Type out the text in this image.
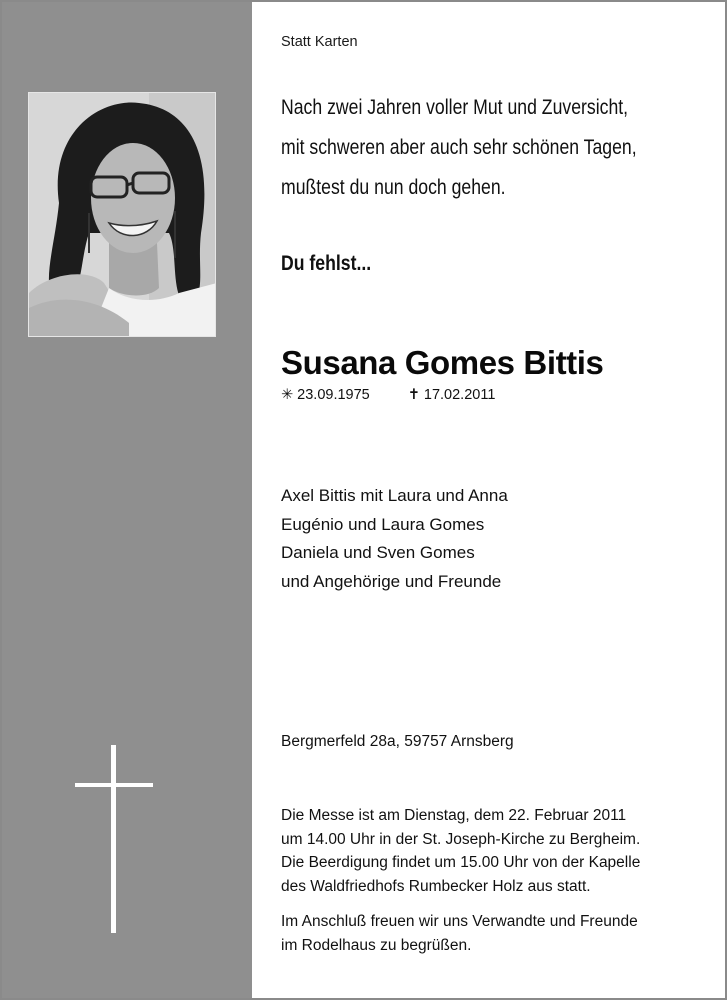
Statt Karten
Nach zwei Jahren voller Mut und Zuversicht,
mit schweren aber auch sehr schönen Tagen,
mußtest du nun doch gehen.
Du fehlst...
Susana Gomes Bittis
✳ 23.09.1975	✝ 17.02.2011
Axel Bittis mit Laura und Anna
Eugénio und Laura Gomes
Daniela und Sven Gomes
und Angehörige und Freunde
Bergmerfeld 28a, 59757 Arnsberg
Die Messe ist am Dienstag, dem 22. Februar 2011
um 14.00 Uhr in der St. Joseph-Kirche zu Bergheim.
Die Beerdigung findet um 15.00 Uhr von der Kapelle
des Waldfriedhofs Rumbecker Holz aus statt.
Im Anschluß freuen wir uns Verwandte und Freunde
im Rodelhaus zu begrüßen.
